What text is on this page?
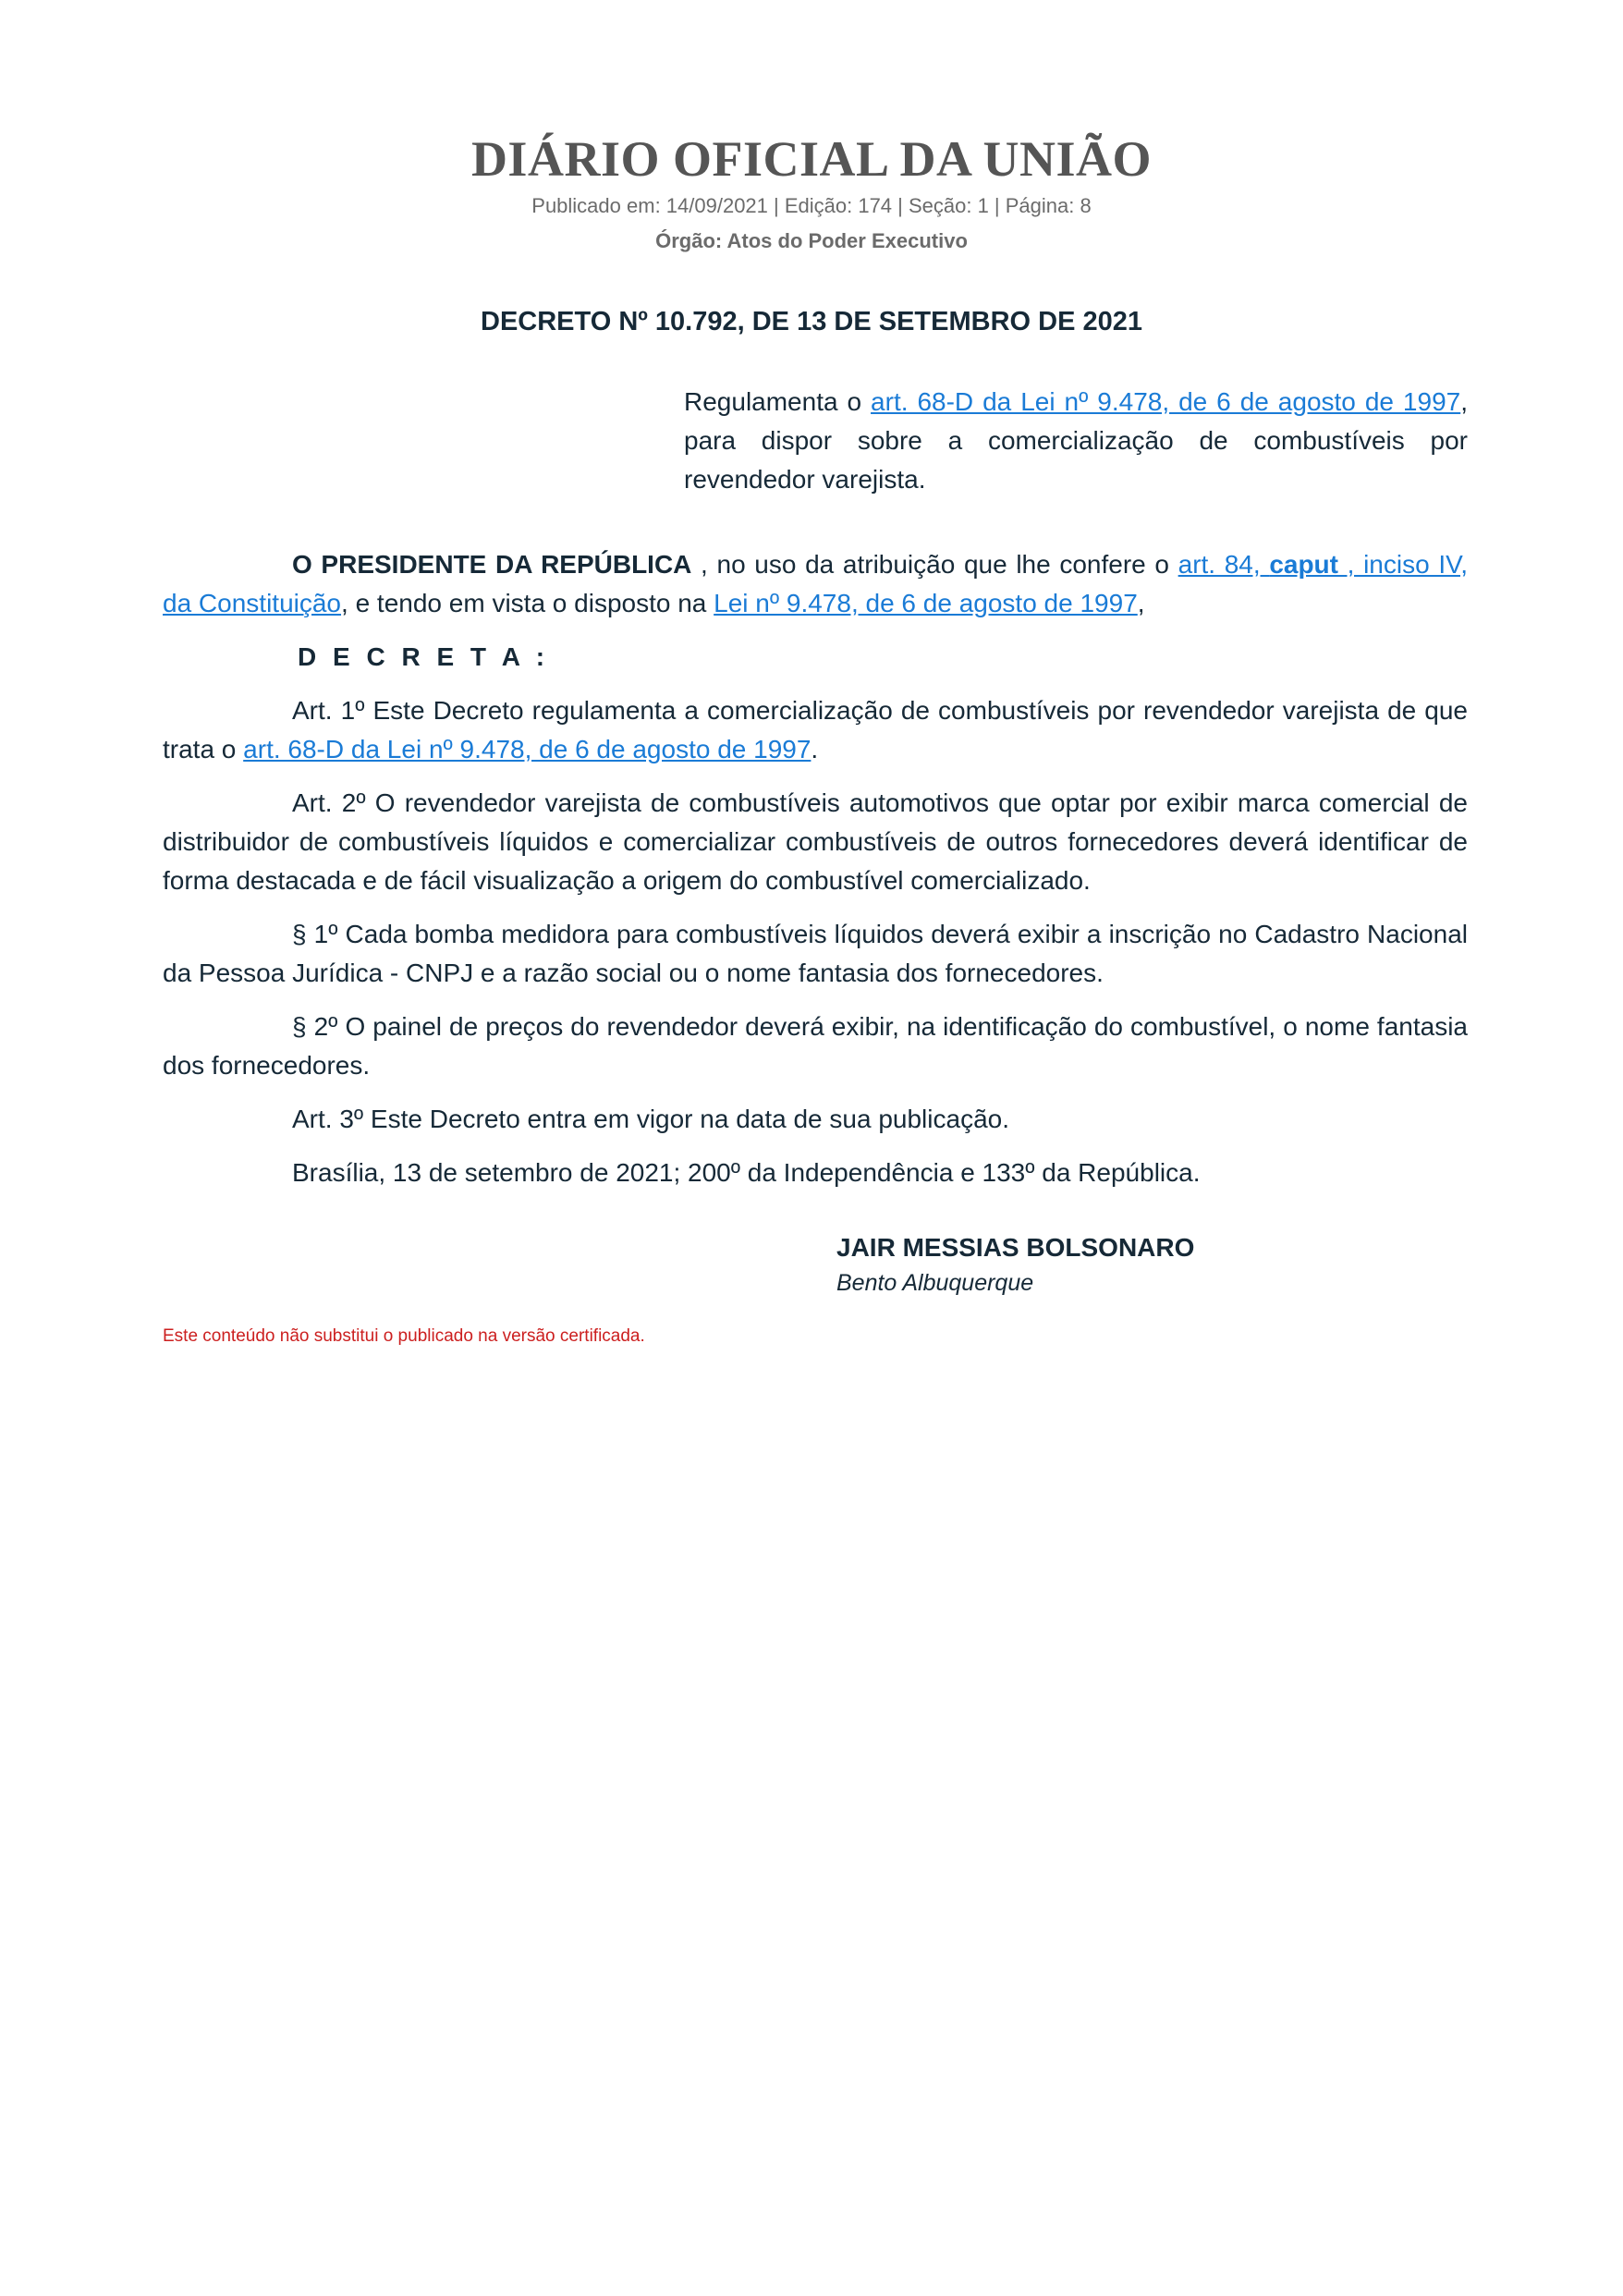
DIÁRIO OFICIAL DA UNIÃO
Publicado em: 14/09/2021 | Edição: 174 | Seção: 1 | Página: 8
Órgão: Atos do Poder Executivo
DECRETO Nº 10.792, DE 13 DE SETEMBRO DE 2021
Regulamenta o art. 68-D da Lei nº 9.478, de 6 de agosto de 1997, para dispor sobre a comercialização de combustíveis por revendedor varejista.

O PRESIDENTE DA REPÚBLICA , no uso da atribuição que lhe confere o art. 84, caput , inciso IV, da Constituição, e tendo em vista o disposto na Lei nº 9.478, de 6 de agosto de 1997,

D E C R E T A :

Art. 1º Este Decreto regulamenta a comercialização de combustíveis por revendedor varejista de que trata o art. 68-D da Lei nº 9.478, de 6 de agosto de 1997.

Art. 2º O revendedor varejista de combustíveis automotivos que optar por exibir marca comercial de distribuidor de combustíveis líquidos e comercializar combustíveis de outros fornecedores deverá identificar de forma destacada e de fácil visualização a origem do combustível comercializado.

§ 1º Cada bomba medidora para combustíveis líquidos deverá exibir a inscrição no Cadastro Nacional da Pessoa Jurídica - CNPJ e a razão social ou o nome fantasia dos fornecedores.

§ 2º O painel de preços do revendedor deverá exibir, na identificação do combustível, o nome fantasia dos fornecedores.

Art. 3º Este Decreto entra em vigor na data de sua publicação.

Brasília, 13 de setembro de 2021; 200º da Independência e 133º da República.

JAIR MESSIAS BOLSONARO
Bento Albuquerque
Este conteúdo não substitui o publicado na versão certificada.
